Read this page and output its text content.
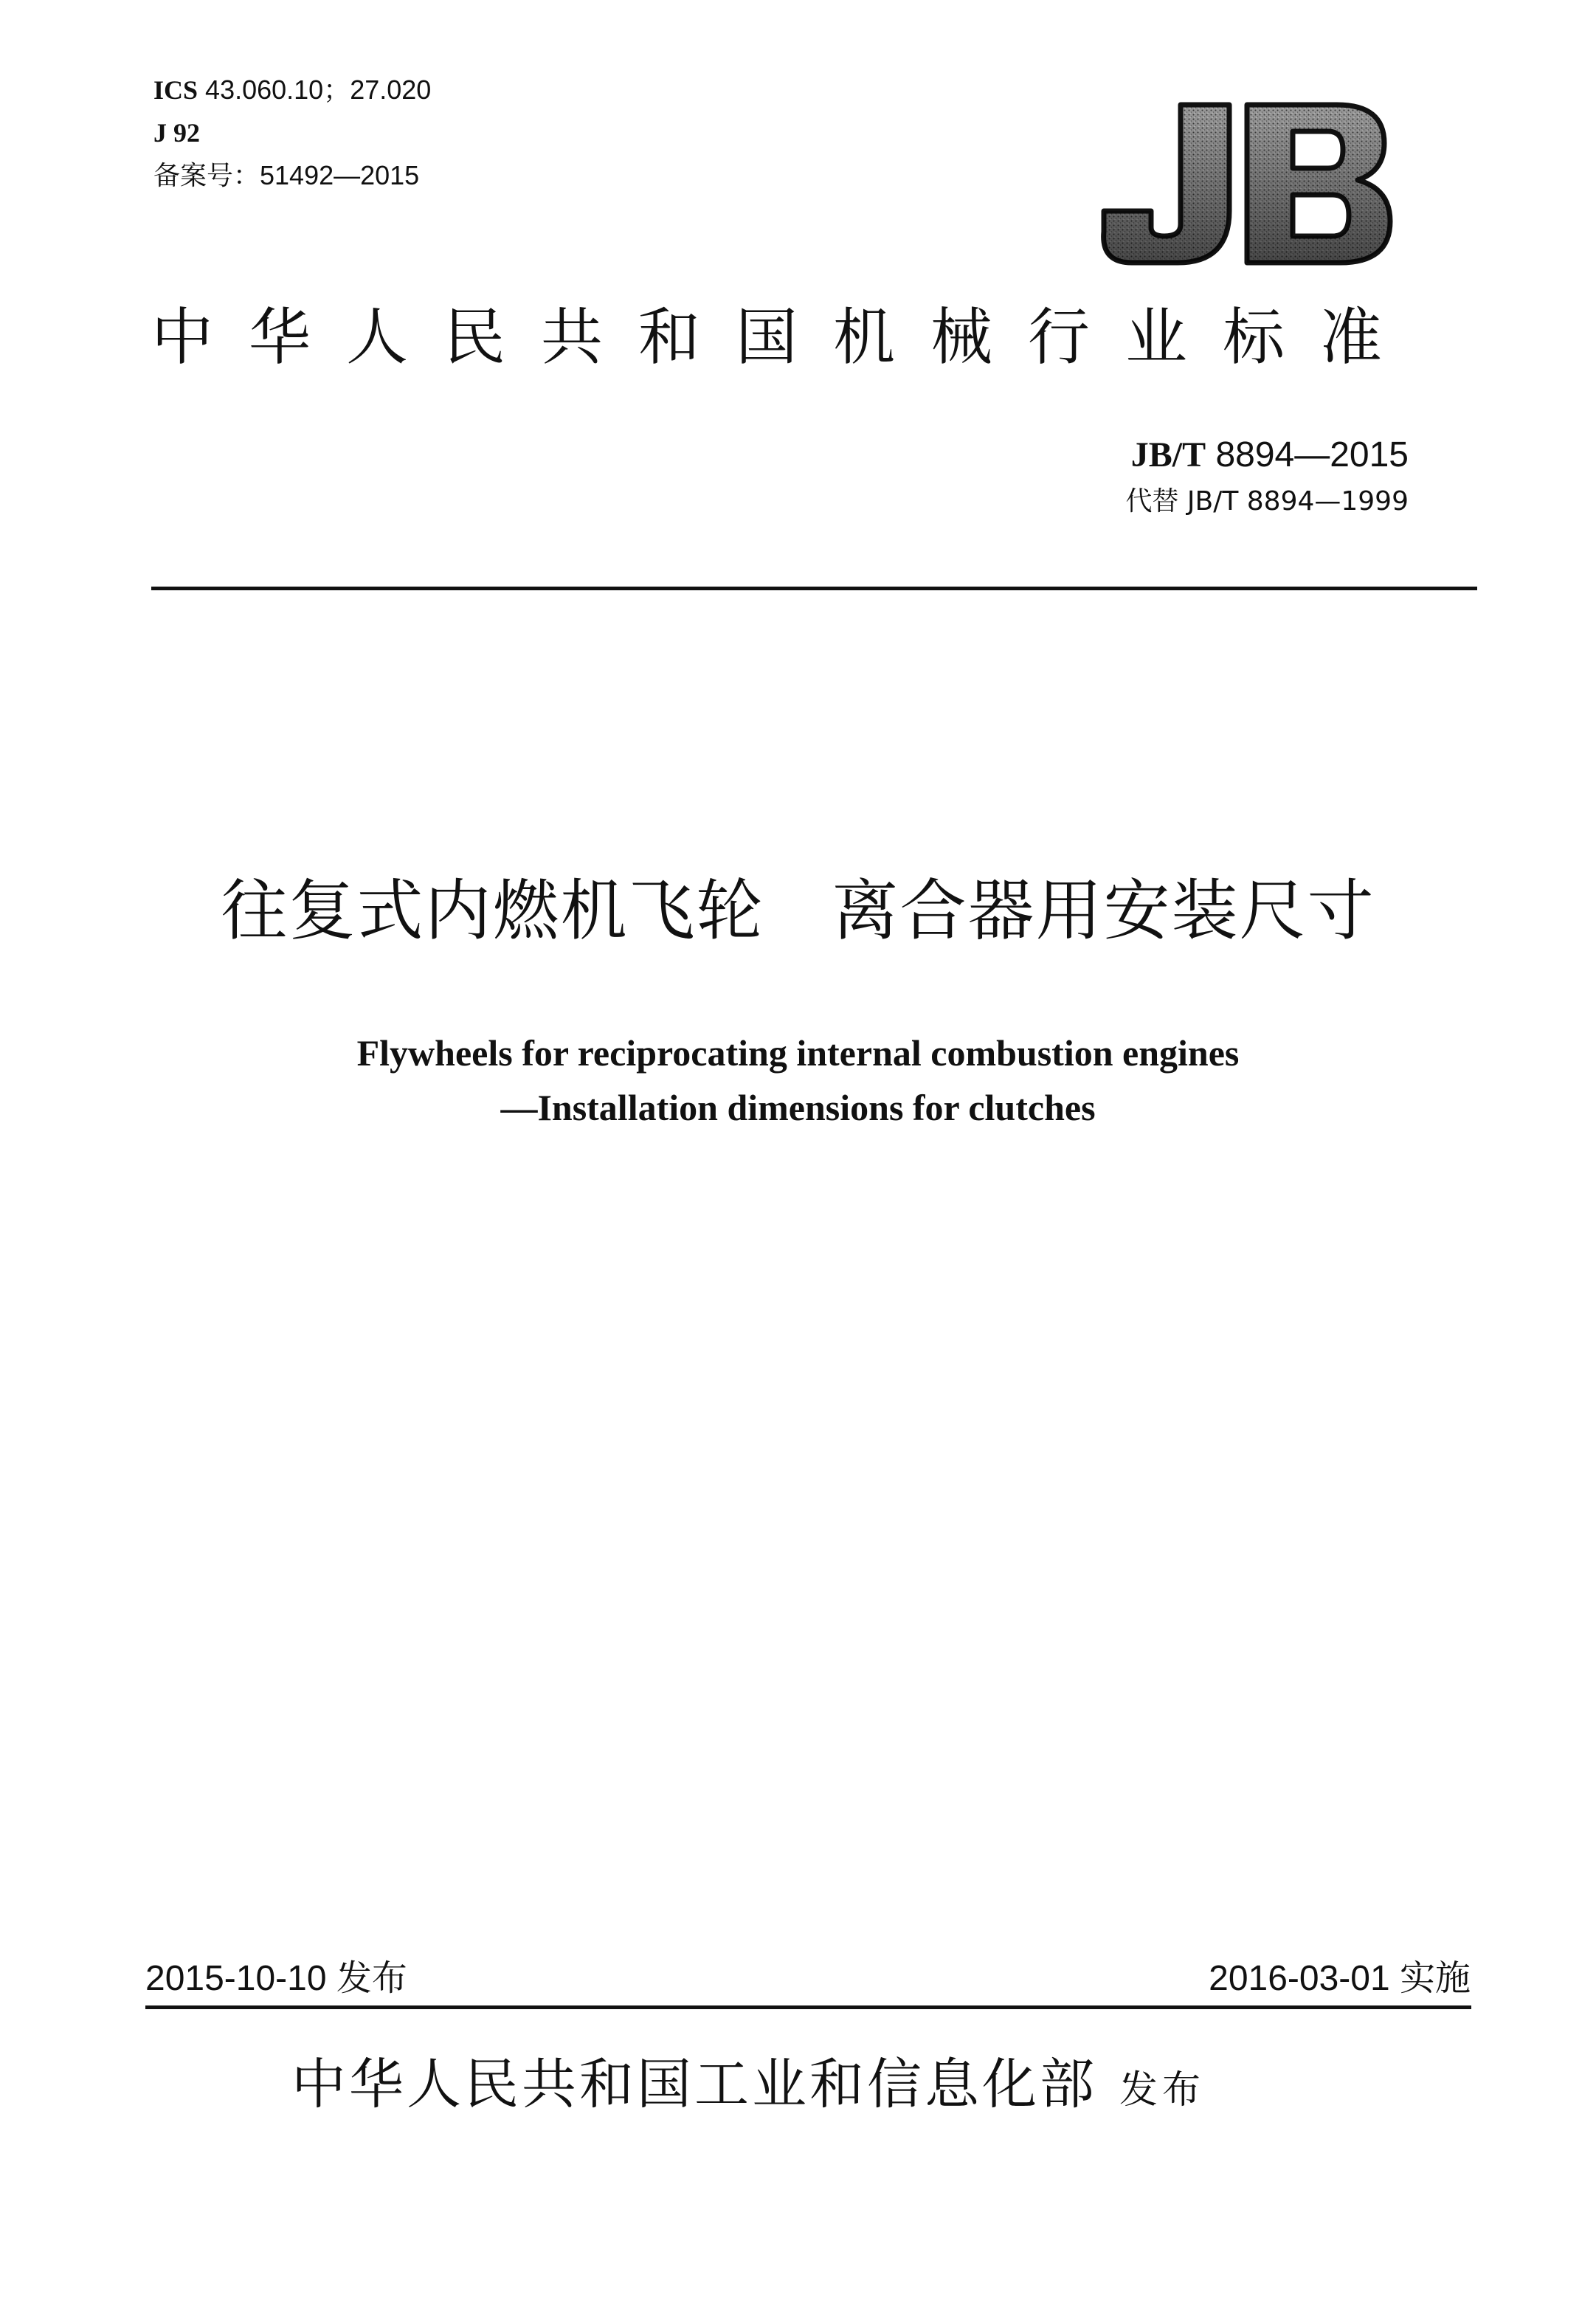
ICS 43.060.10；27.020
J 92
备案号：51492—2015
中华人民共和国机械行业标准
JB/T 8894—2015
代替 JB/T 8894—1999
往复式内燃机飞轮　离合器用安装尺寸
Flywheels for reciprocating internal combustion engines
—Installation dimensions for clutches
2015-10-10 发布	2016-03-01 实施
中华人民共和国工业和信息化部 发布
